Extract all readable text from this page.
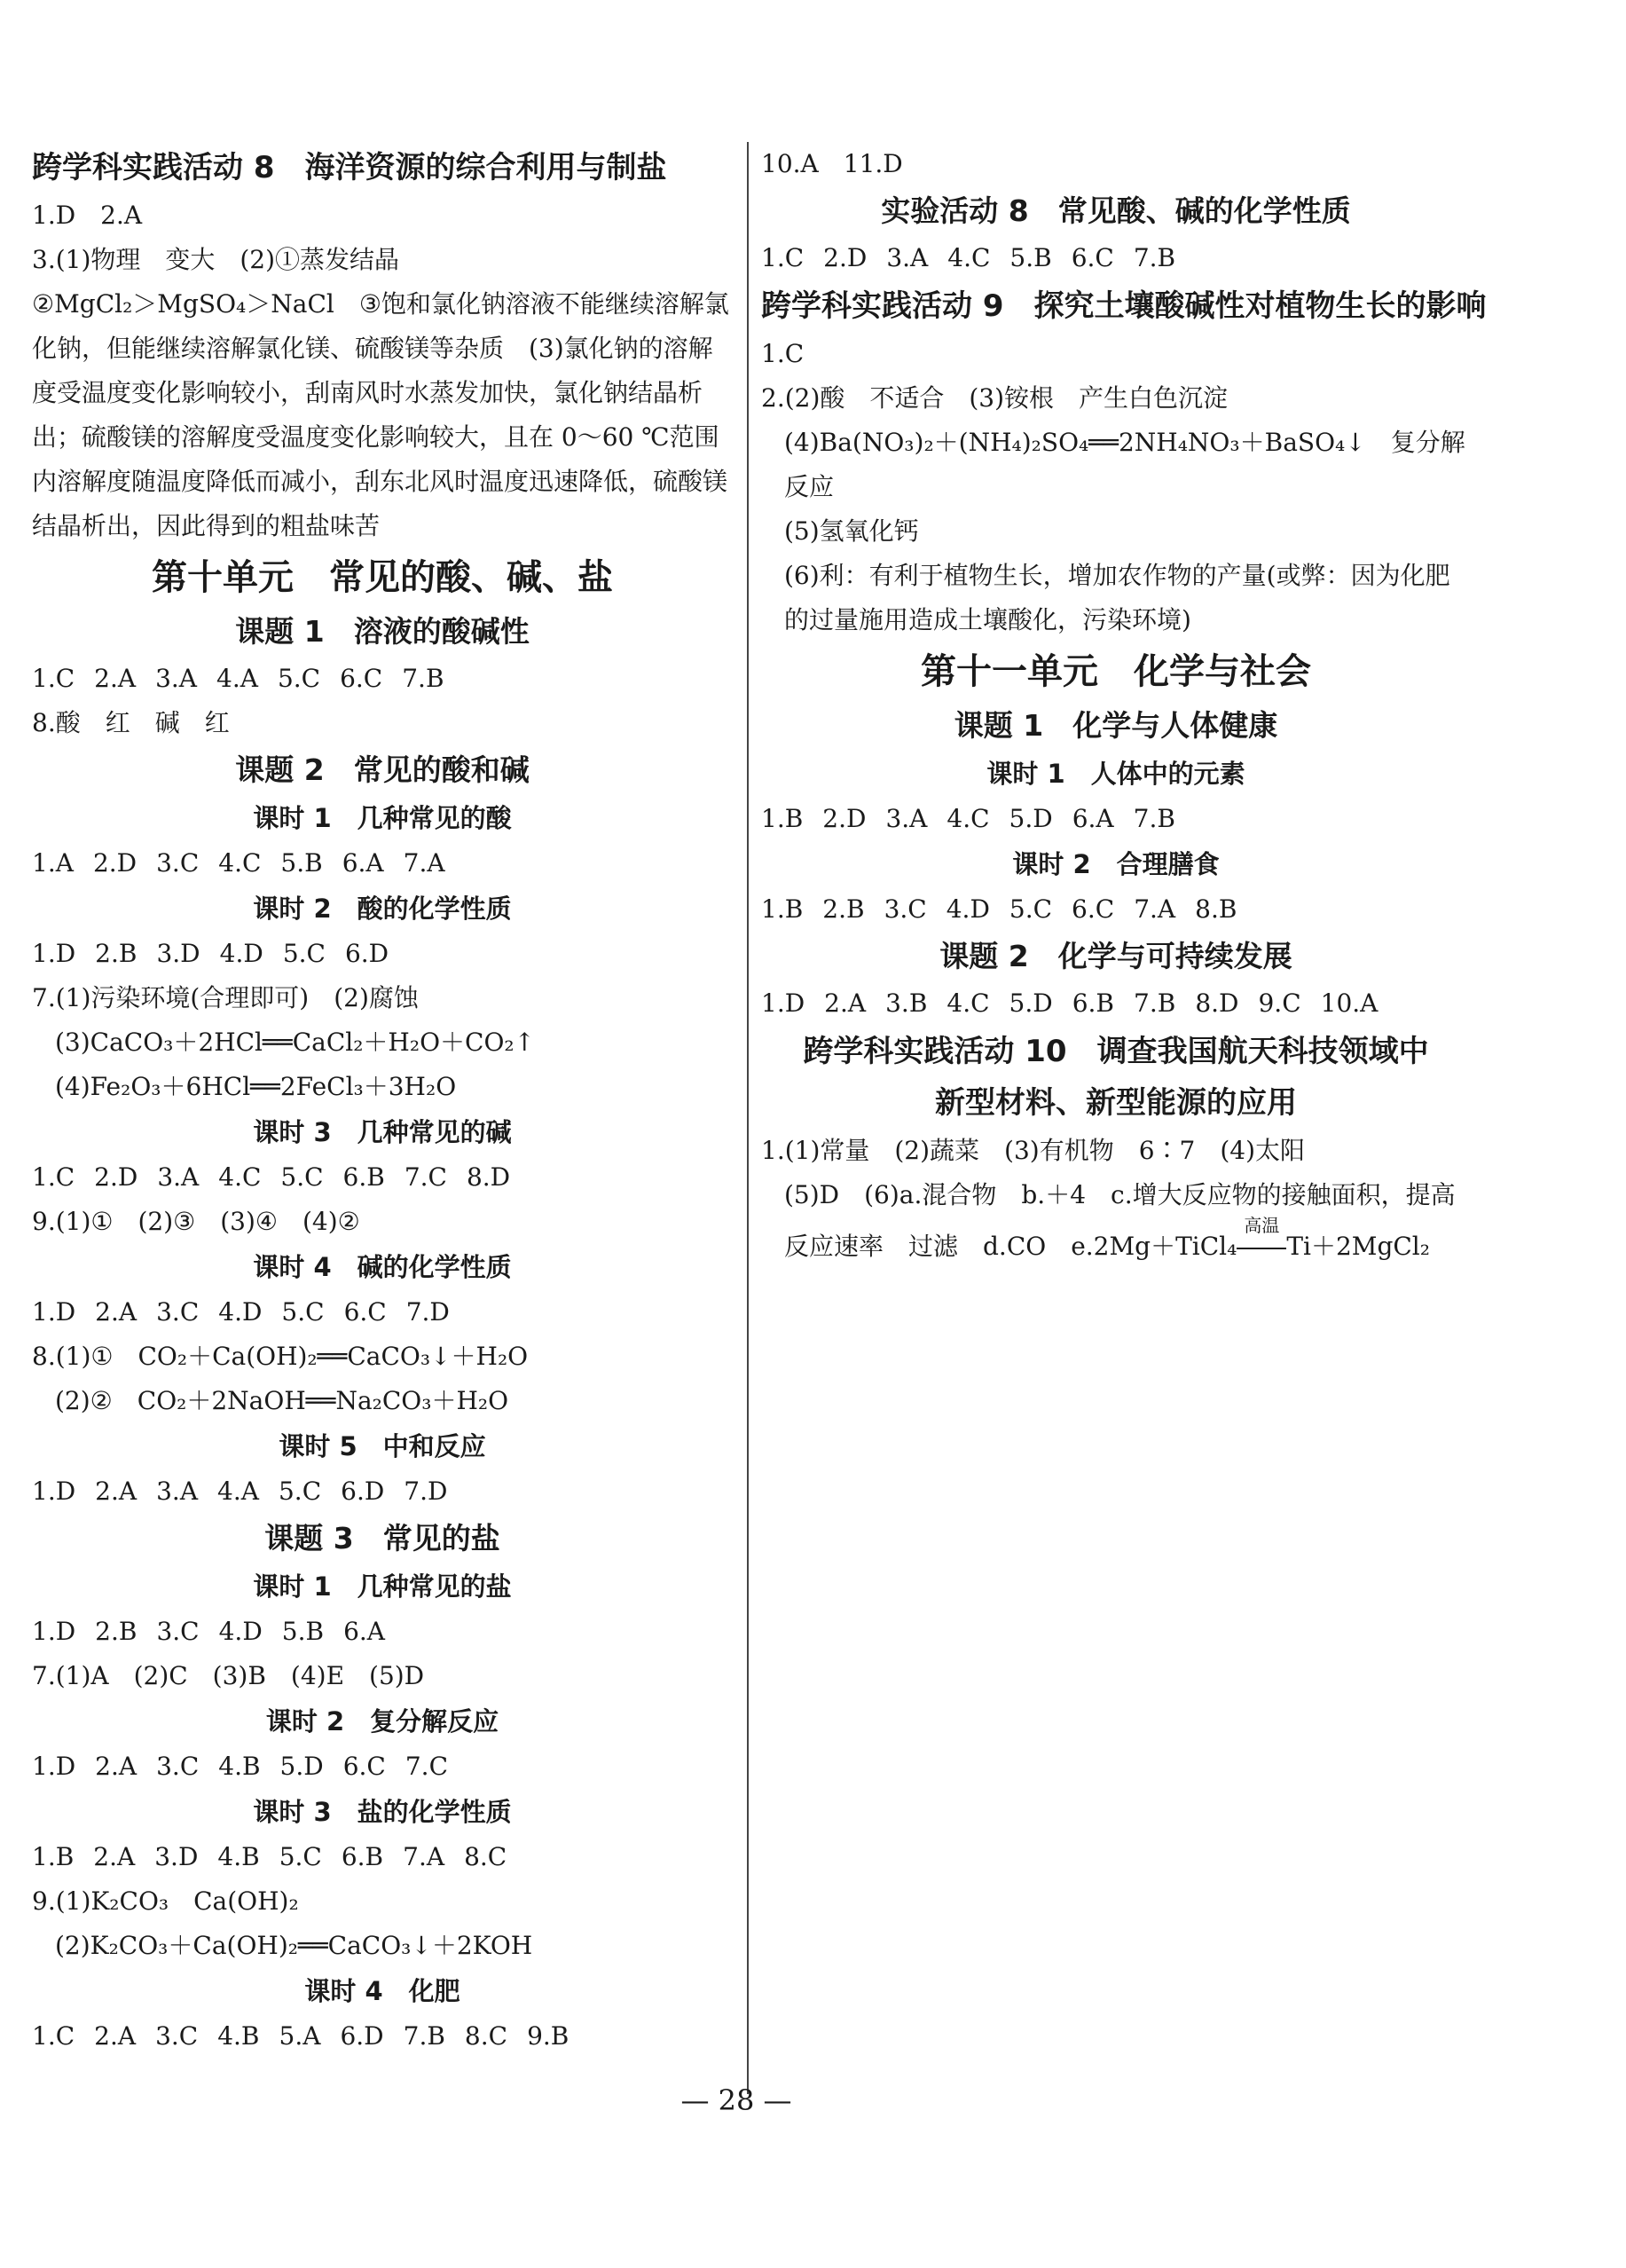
跨学科实践活动 8　海洋资源的综合利用与制盐
1.D　2.A
3.(1)物理　变大　(2)①蒸发结晶
②MgCl₂＞MgSO₄＞NaCl　③饱和氯化钠溶液不能继续溶解氯化钠，但能继续溶解氯化镁、硫酸镁等杂质　(3)氯化钠的溶解度受温度变化影响较小，刮南风时水蒸发加快，氯化钠结晶析出；硫酸镁的溶解度受温度变化影响较大，且在 0～60 ℃范围内溶解度随温度降低而减小，刮东北风时温度迅速降低，硫酸镁结晶析出，因此得到的粗盐味苦
第十单元　常见的酸、碱、盐
课题 1　溶液的酸碱性
1.C 2.A 3.A 4.A 5.C 6.C 7.B
8.酸　红　碱　红
课题 2　常见的酸和碱
课时 1　几种常见的酸
1.A 2.D 3.C 4.C 5.B 6.A 7.A
课时 2　酸的化学性质
1.D 2.B 3.D 4.D 5.C 6.D
7.(1)污染环境(合理即可)　(2)腐蚀
(3)CaCO₃＋2HCl══CaCl₂＋H₂O＋CO₂↑
(4)Fe₂O₃＋6HCl══2FeCl₃＋3H₂O
课时 3　几种常见的碱
1.C 2.D 3.A 4.C 5.C 6.B 7.C 8.D
9.(1)①　(2)③　(3)④　(4)②
课时 4　碱的化学性质
1.D 2.A 3.C 4.D 5.C 6.C 7.D
8.(1)①　CO₂＋Ca(OH)₂══CaCO₃↓＋H₂O
(2)②　CO₂＋2NaOH══Na₂CO₃＋H₂O
课时 5　中和反应
1.D 2.A 3.A 4.A 5.C 6.D 7.D
课题 3　常见的盐
课时 1　几种常见的盐
1.D 2.B 3.C 4.D 5.B 6.A
7.(1)A　(2)C　(3)B　(4)E　(5)D
课时 2　复分解反应
1.D 2.A 3.C 4.B 5.D 6.C 7.C
课时 3　盐的化学性质
1.B 2.A 3.D 4.B 5.C 6.B 7.A 8.C
9.(1)K₂CO₃　Ca(OH)₂
(2)K₂CO₃＋Ca(OH)₂══CaCO₃↓＋2KOH
课时 4　化肥
1.C 2.A 3.C 4.B 5.A 6.D 7.B 8.C 9.B
10.A　11.D
实验活动 8　常见酸、碱的化学性质
1.C 2.D 3.A 4.C 5.B 6.C 7.B
跨学科实践活动 9　探究土壤酸碱性对植物生长的影响
1.C
2.(2)酸　不适合　(3)铵根　产生白色沉淀
(4)Ba(NO₃)₂＋(NH₄)₂SO₄══2NH₄NO₃＋BaSO₄↓　复分解反应
(5)氢氧化钙
(6)利：有利于植物生长，增加农作物的产量(或弊：因为化肥的过量施用造成土壤酸化，污染环境)
第十一单元　化学与社会
课题 1　化学与人体健康
课时 1　人体中的元素
1.B 2.D 3.A 4.C 5.D 6.A 7.B
课时 2　合理膳食
1.B 2.B 3.C 4.D 5.C 6.C 7.A 8.B
课题 2　化学与可持续发展
1.D 2.A 3.B 4.C 5.D 6.B 7.B 8.D 9.C 10.A
跨学科实践活动 10　调查我国航天科技领域中
新型材料、新型能源的应用
1.(1)常量　(2)蔬菜　(3)有机物　6∶7　(4)太阳
(5)D　(6)a.混合物　b.＋4　c.增大反应物的接触面积，提高
反应速率　过滤　d.CO　e.2Mg＋TiCl₄
高温
Ti＋2MgCl₂
— 28 —
